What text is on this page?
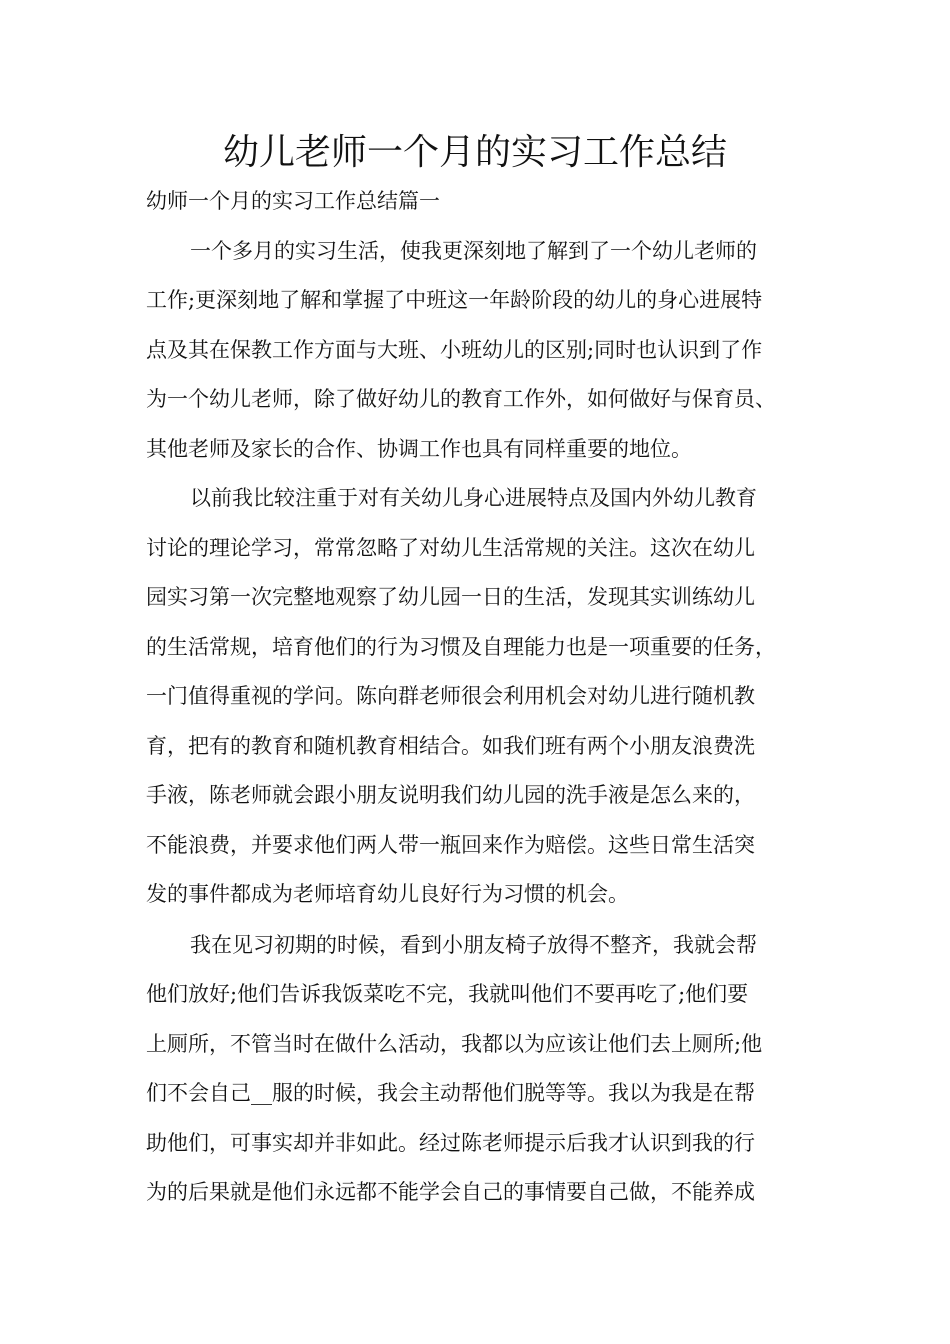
幼儿老师一个月的实习工作总结

幼师一个月的实习工作总结篇一

一个多月的实习生活，使我更深刻地了解到了一个幼儿老师的

工作;更深刻地了解和掌握了中班这一年龄阶段的幼儿的身心进展特

点及其在保教工作方面与大班、小班幼儿的区别;同时也认识到了作

为一个幼儿老师，除了做好幼儿的教育工作外，如何做好与保育员、

其他老师及家长的合作、协调工作也具有同样重要的地位。

以前我比较注重于对有关幼儿身心进展特点及国内外幼儿教育

讨论的理论学习，常常忽略了对幼儿生活常规的关注。这次在幼儿

园实习第一次完整地观察了幼儿园一日的生活，发现其实训练幼儿

的生活常规，培育他们的行为习惯及自理能力也是一项重要的任务，

一门值得重视的学问。陈向群老师很会利用机会对幼儿进行随机教

育，把有的教育和随机教育相结合。如我们班有两个小朋友浪费洗

手液，陈老师就会跟小朋友说明我们幼儿园的洗手液是怎么来的，

不能浪费，并要求他们两人带一瓶回来作为赔偿。这些日常生活突

发的事件都成为老师培育幼儿良好行为习惯的机会。

我在见习初期的时候，看到小朋友椅子放得不整齐，我就会帮

他们放好;他们告诉我饭菜吃不完，我就叫他们不要再吃了;他们要

上厕所，不管当时在做什么活动，我都以为应该让他们去上厕所;他

们不会自己__服的时候，我会主动帮他们脱等等。我以为我是在帮

助他们，可事实却并非如此。经过陈老师提示后我才认识到我的行

为的后果就是他们永远都不能学会自己的事情要自己做，不能养成
